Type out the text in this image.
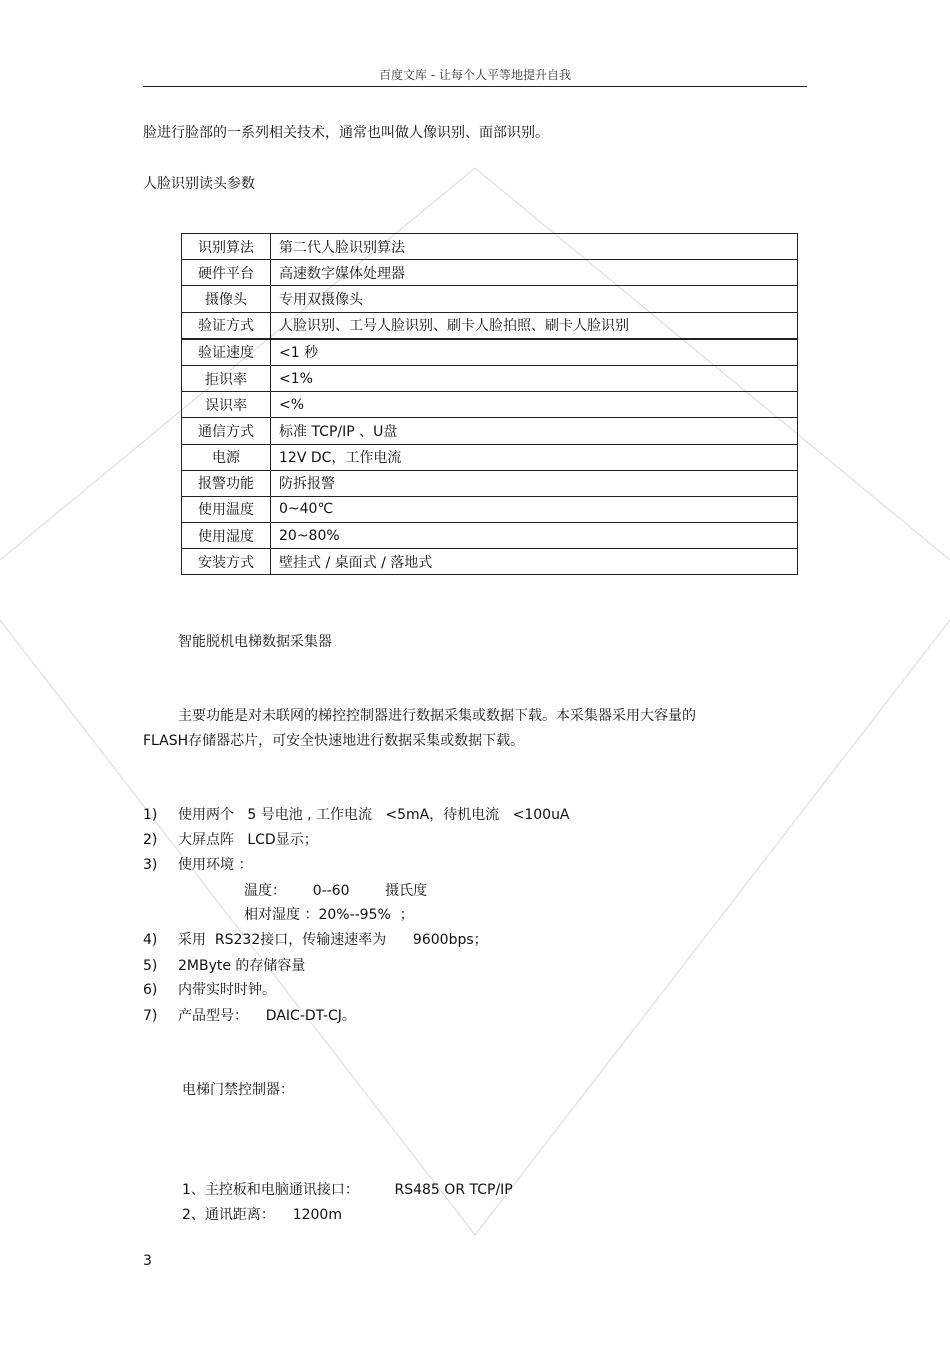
百度文库 - 让每个人平等地提升自我
脸进行脸部的一系列相关技术，通常也叫做人像识别、面部识别。
人脸识别读头参数
识别算法	第二代人脸识别算法
硬件平台	高速数字媒体处理器
摄像头	专用双摄像头
验证方式	人脸识别、工号人脸识别、刷卡人脸拍照、刷卡人脸识别
验证速度	<1 秒
拒识率	<1%
误识率	<%
通信方式	标准 TCP/IP 、U盘
电源	12V DC，工作电流
报警功能	防拆报警
使用温度	0~40℃
使用湿度	20~80%
安装方式	壁挂式 / 桌面式 / 落地式
智能脱机电梯数据采集器
主要功能是对未联网的梯控控制器进行数据采集或数据下载。本采集器采用大容量的
FLASH存储器芯片，可安全快速地进行数据采集或数据下载。
1) 使用两个   5 号电池 , 工作电流   <5mA，待机电流   <100uA
2) 大屏点阵   LCD显示；
3) 使用环境 ：
温度：      0--60        摄氏度
相对湿度 ：20%--95%  ；
4) 采用  RS232接口，传输速速率为      9600bps；
5) 2MByte 的存储容量
6) 内带实时时钟。
7) 产品型号：    DAIC-DT-CJ。
电梯门禁控制器：
1、主控板和电脑通讯接口：        RS485 OR TCP/IP
2、通讯距离：    1200m
3
